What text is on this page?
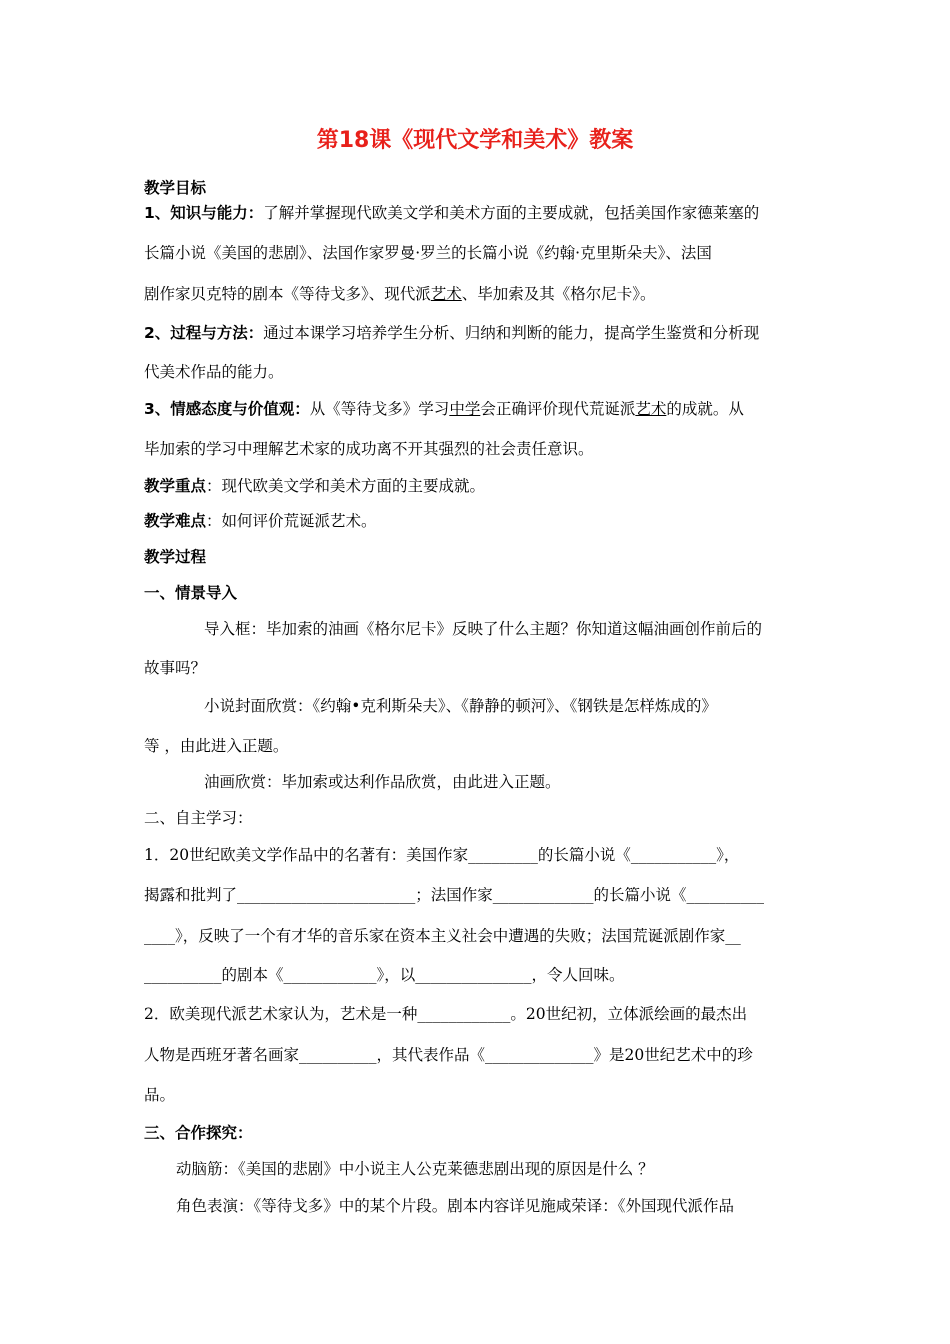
第18课《现代文学和美术》教案
教学目标
1、知识与能力：了解并掌握现代欧美文学和美术方面的主要成就，包括美国作家德莱塞的
长篇小说《美国的悲剧》、法国作家罗曼·罗兰的长篇小说《约翰·克里斯朵夫》、法国
剧作家贝克特的剧本《等待戈多》、现代派艺术、毕加索及其《格尔尼卡》。
2、过程与方法：通过本课学习培养学生分析、归纳和判断的能力，提高学生鉴赏和分析现
代美术作品的能力。
3、情感态度与价值观：从《等待戈多》学习中学会正确评价现代荒诞派艺术的成就。从
毕加索的学习中理解艺术家的成功离不开其强烈的社会责任意识。
教学重点：现代欧美文学和美术方面的主要成就。
教学难点：如何评价荒诞派艺术。
教学过程
一、情景导入
导入框：毕加索的油画《格尔尼卡》反映了什么主题？你知道这幅油画创作前后的
故事吗？
小说封面欣赏：《约翰•克利斯朵夫》、《静静的顿河》、《钢铁是怎样炼成的》
等 ，由此进入正题。
油画欣赏：毕加索或达利作品欣赏，由此进入正题。
二、自主学习：
1．20世纪欧美文学作品中的名著有：美国作家_________的长篇小说《___________》，
揭露和批判了_______________________；法国作家_____________的长篇小说《__________
____》，反映了一个有才华的音乐家在资本主义社会中遭遇的失败；法国荒诞派剧作家__
__________的剧本《____________》，以_______________，令人回味。
2．欧美现代派艺术家认为，艺术是一种____________。20世纪初，立体派绘画的最杰出
人物是西班牙著名画家__________，其代表作品《______________》是20世纪艺术中的珍
品。
三、合作探究：
动脑筋：《美国的悲剧》中小说主人公克莱德悲剧出现的原因是什么 ？
角色表演：《等待戈多》中的某个片段。剧本内容详见施咸荣译：《外国现代派作品
